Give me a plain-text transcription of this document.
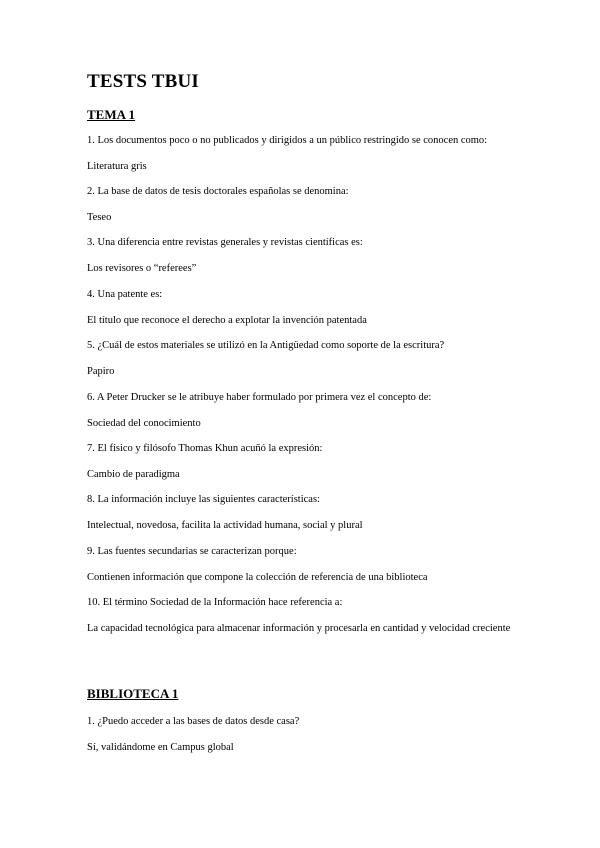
TESTS TBUI
TEMA 1

1. Los documentos poco o no publicados y dirigidos a un público restringido se conocen como:

Literatura gris

2. La base de datos de tesis doctorales españolas se denomina:

Teseo

3. Una diferencia entre revistas generales y revistas científicas es:

Los revisores o “referees”

4. Una patente es:

El título que reconoce el derecho a explotar la invención patentada

5. ¿Cuál de estos materiales se utilizó en la Antigüedad como soporte de la escritura?

Papiro

6. A Peter Drucker se le atribuye haber formulado por primera vez el concepto de:

Sociedad del conocimiento

7. El físico y filósofo Thomas Khun acuñó la expresión:

Cambio de paradigma

8. La información incluye las siguientes características:

Intelectual, novedosa, facilita la actividad humana, social y plural

9. Las fuentes secundarias se caracterizan porque:

Contienen información que compone la colección de referencia de una biblioteca

10. El término Sociedad de la Información hace referencia a:

La capacidad tecnológica para almacenar información y procesarla en cantidad y velocidad creciente

BIBLIOTECA 1

1. ¿Puedo acceder a las bases de datos desde casa?

Sí, validándome en Campus global
